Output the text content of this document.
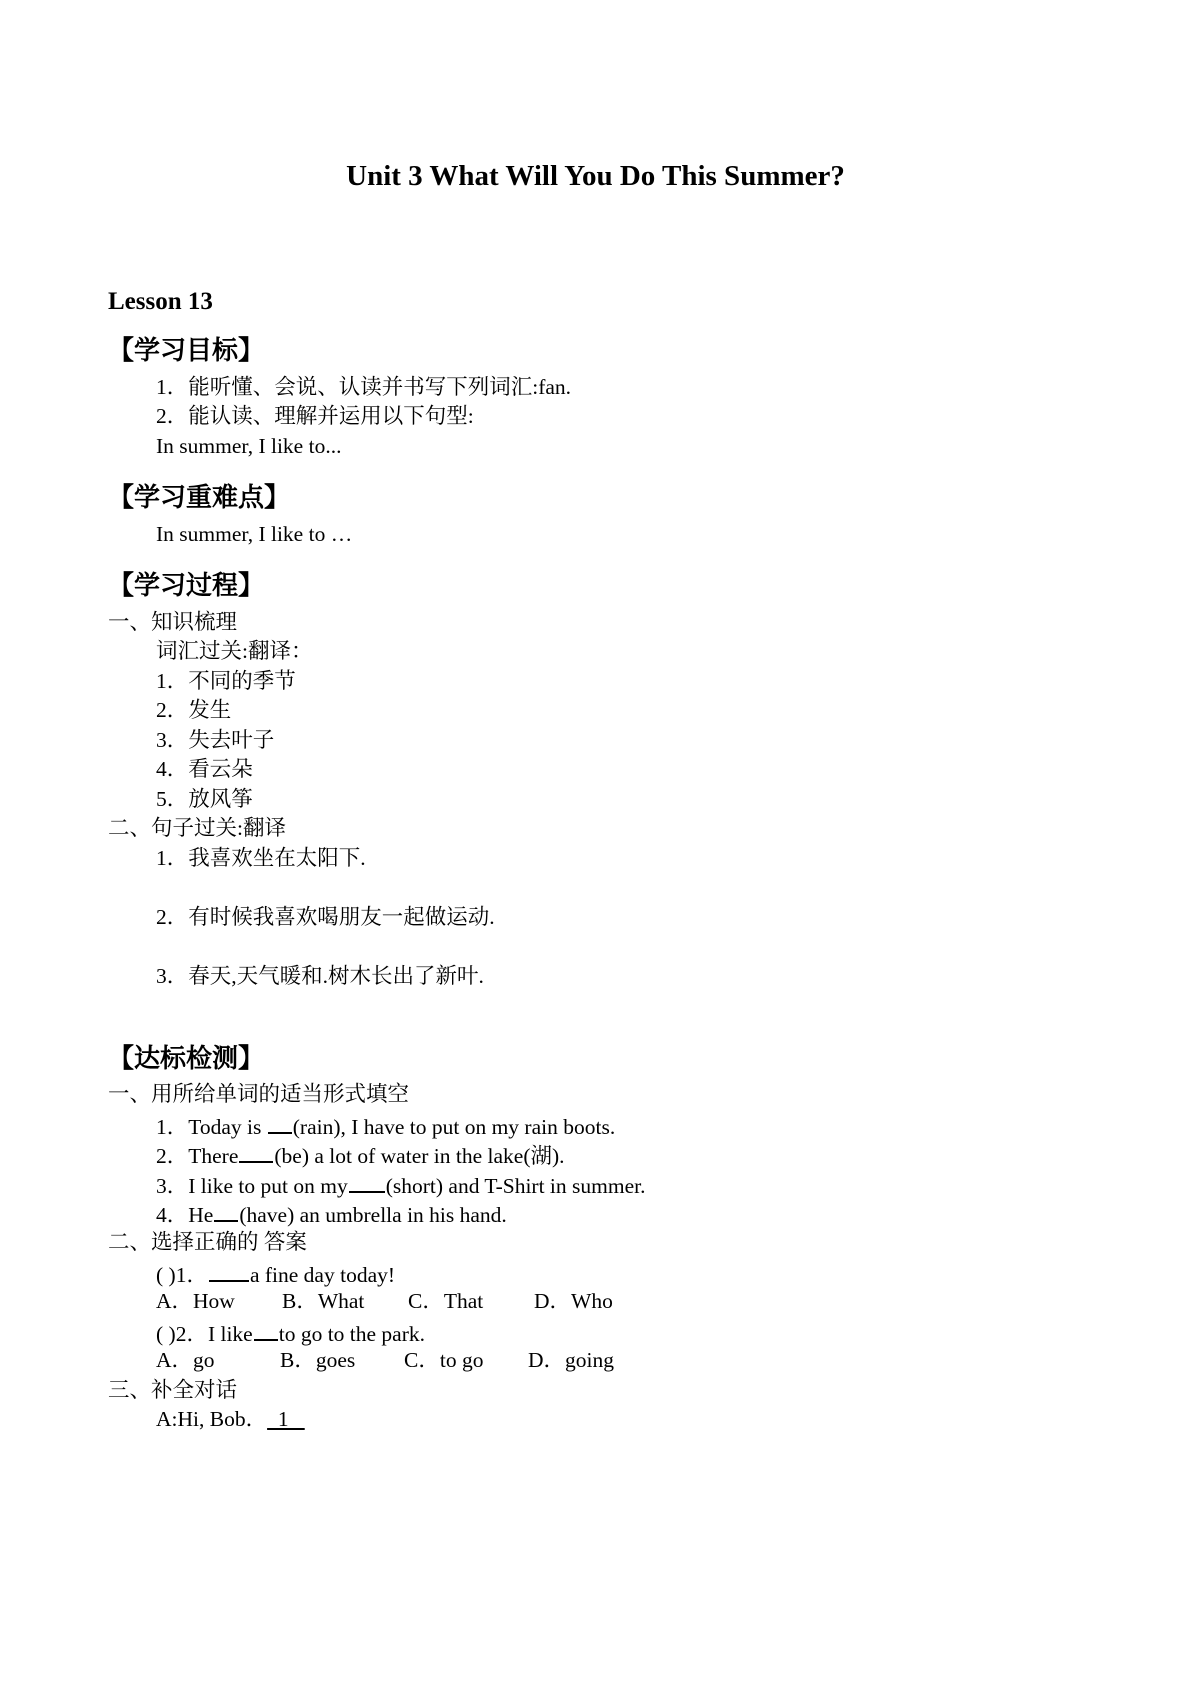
Unit 3 What Will You Do This Summer?
Lesson 13
【学习目标】
1．能听懂、会说、认读并书写下列词汇:fan.
2．能认读、理解并运用以下句型:
In summer, I like to...
【学习重难点】
In summer, I like to …
【学习过程】
一、知识梳理
词汇过关:翻译：
1．不同的季节
2．发生
3．失去叶子
4．看云朵
5．放风筝
二、句子过关:翻译
1．我喜欢坐在太阳下.
2．有时候我喜欢喝朋友一起做运动.
3．春天,天气暖和.树木长出了新叶.
【达标检测】
一、用所给单词的适当形式填空
1．Today is (rain), I have to put on my rain boots.
2．There (be) a lot of water in the lake(湖).
3．I like to put on my (short) and T-Shirt in summer.
4．He (have) an umbrella in his hand.
二、选择正确的 答案
( )1． a fine day today!
A．How B．What C．That D．Who
( )2．I like to go to the park.
A．go	B．goes C．to go D．going
三、补全对话
A:Hi, Bob．  1
